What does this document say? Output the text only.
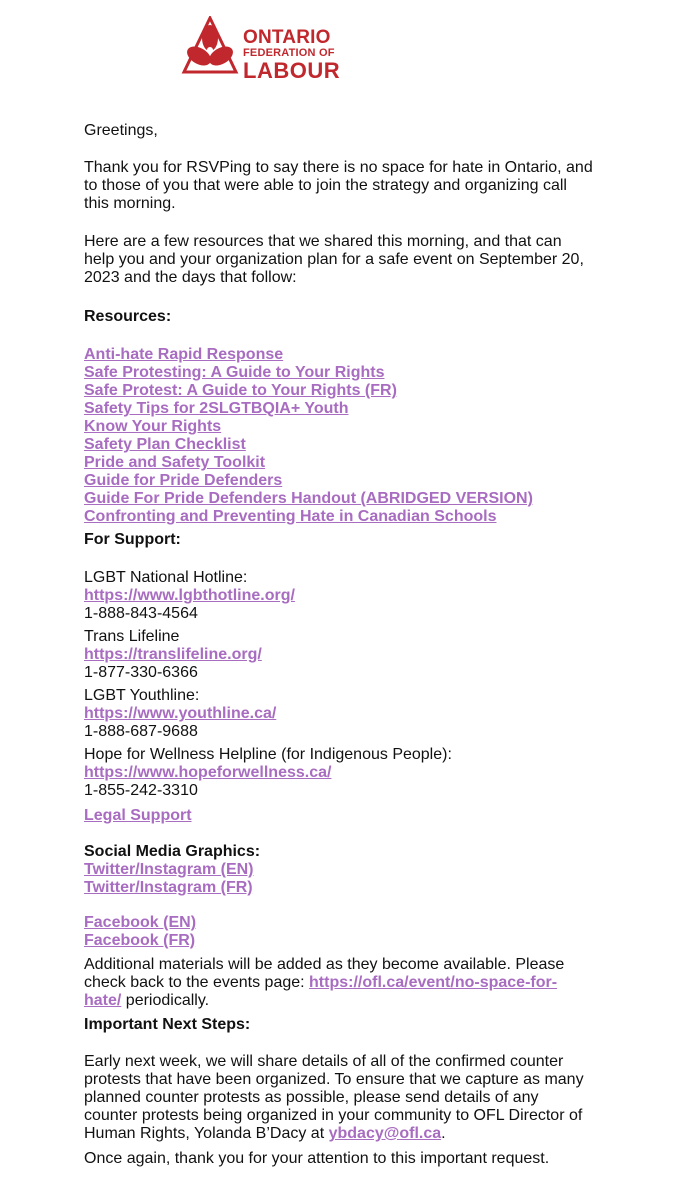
ONTARIO
FEDERATION OF
LABOUR
Greetings,
Thank you for RSVPing to say there is no space for hate in Ontario, and
to those of you that were able to join the strategy and organizing call
this morning.
Here are a few resources that we shared this morning, and that can
help you and your organization plan for a safe event on September 20,
2023 and the days that follow:
Resources:
Anti-hate Rapid Response
Safe Protesting: A Guide to Your Rights
Safe Protest: A Guide to Your Rights (FR)
Safety Tips for 2SLGTBQIA+ Youth
Know Your Rights
Safety Plan Checklist
Pride and Safety Toolkit
Guide for Pride Defenders
Guide For Pride Defenders Handout (ABRIDGED VERSION)
Confronting and Preventing Hate in Canadian Schools
For Support:
LGBT National Hotline:
https://www.lgbthotline.org/
1-888-843-4564
Trans Lifeline
https://translifeline.org/
1-877-330-6366
LGBT Youthline:
https://www.youthline.ca/
1-888-687-9688
Hope for Wellness Helpline (for Indigenous People):
https://www.hopeforwellness.ca/
1-855-242-3310
Legal Support
Social Media Graphics:
Twitter/Instagram (EN)
Twitter/Instagram (FR)
Facebook (EN)
Facebook (FR)
Additional materials will be added as they become available. Please
check back to the events page: https://ofl.ca/event/no-space-for-
hate/ periodically.
Important Next Steps:
Early next week, we will share details of all of the confirmed counter
protests that have been organized. To ensure that we capture as many
planned counter protests as possible, please send details of any
counter protests being organized in your community to OFL Director of
Human Rights, Yolanda B’Dacy at ybdacy@ofl.ca.
Once again, thank you for your attention to this important request.
